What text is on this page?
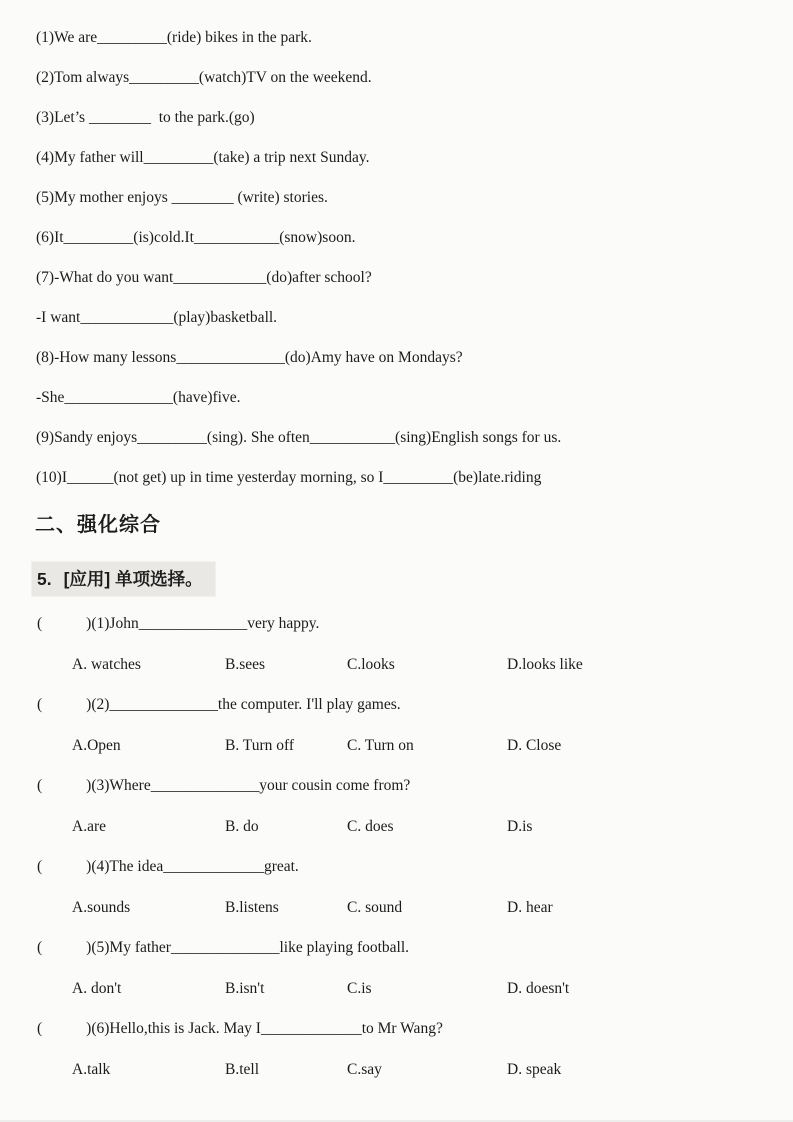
(1)We are_________(ride) bikes in the park.
(2)Tom always_________(watch)TV on the weekend.
(3)Let’s ________  to the park.(go)
(4)My father will_________(take) a trip next Sunday.
(5)My mother enjoys ________ (write) stories.
(6)It_________(is)cold.It___________(snow)soon.
(7)-What do you want____________(do)after school?
-I want____________(play)basketball.
(8)-How many lessons______________(do)Amy have on Mondays?
-She______________(have)five.
(9)Sandy enjoys_________(sing). She often___________(sing)English songs for us.
(10)I______(not get) up in time yesterday morning, so I_________(be)late.riding
二、强化综合
5. [应用] 单项选择。
(	) (1)John______________very happy.
A. watches	B.sees	C.looks	D.looks like
(	) (2)______________the computer. I'll play games.
A.Open	B. Turn off	C. Turn on	D. Close
(	) (3)Where______________your cousin come from?
A.are	B. do	C. does	D.is
(	) (4)The idea_____________great.
A.sounds	B.listens	C. sound	D. hear
(	) (5)My father______________like playing football.
A. don't	B.isn't	C.is	D. doesn't
(	) (6)Hello,this is Jack. May I_____________to Mr Wang?
A.talk	B.tell	C.say	D. speak
